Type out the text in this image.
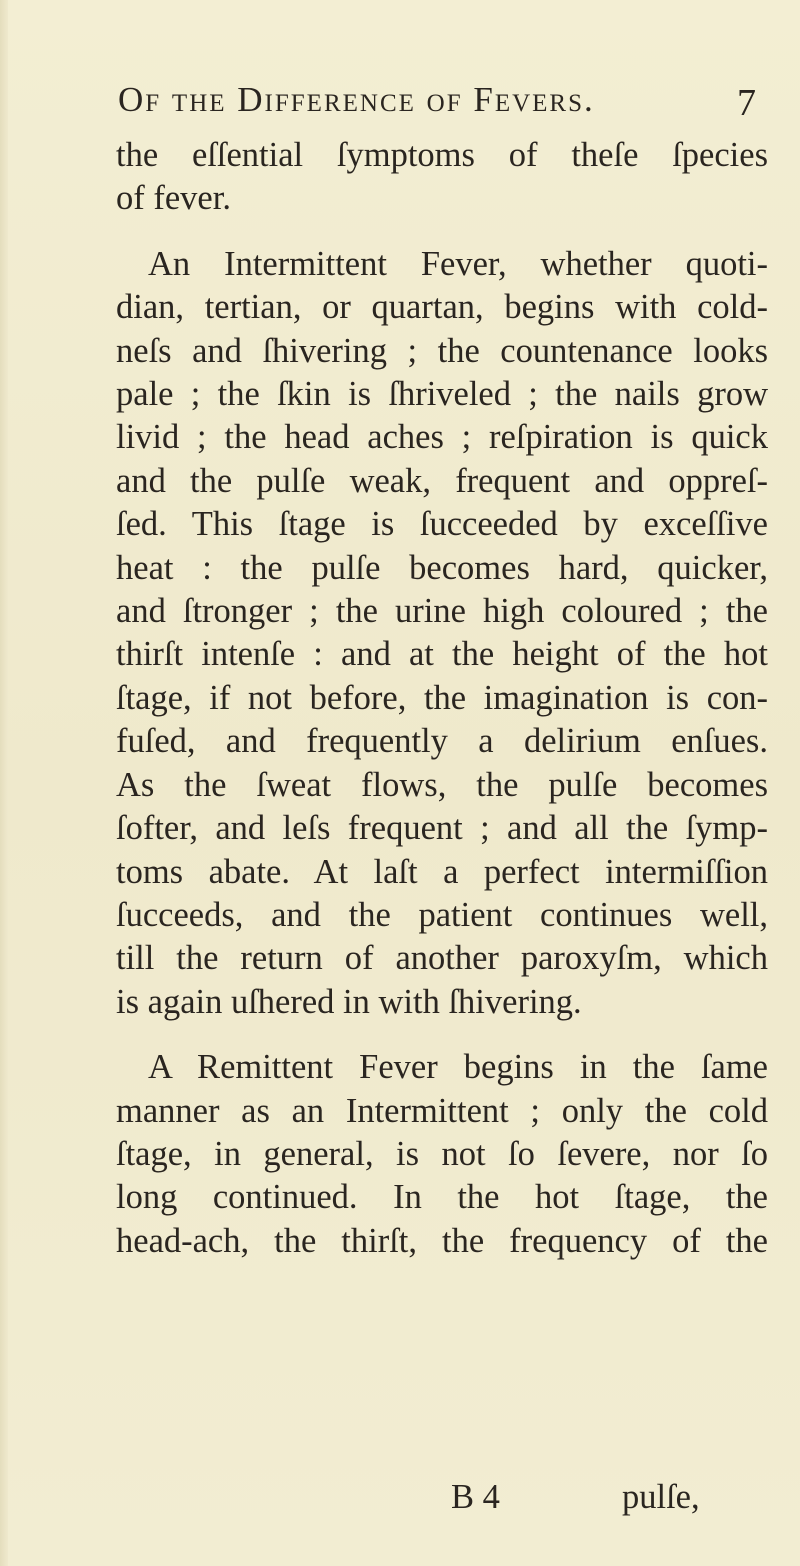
Of the Difference of Fevers.	7
the eſſential ſymptoms of theſe ſpecies
of fever.
An Intermittent Fever, whether quoti-
dian, tertian, or quartan, begins with cold-
neſs and ſhivering ; the countenance looks
pale ; the ſkin is ſhriveled ; the nails grow
livid ; the head aches ; reſpiration is quick
and the pulſe weak, frequent and oppreſ-
ſed. This ſtage is ſucceeded by exceſſive
heat : the pulſe becomes hard, quicker,
and ſtronger ; the urine high coloured ; the
thirſt intenſe : and at the height of the hot
ſtage, if not before, the imagination is con-
fuſed, and frequently a delirium enſues.
As the ſweat flows, the pulſe becomes
ſofter, and leſs frequent ; and all the ſymp-
toms abate. At laſt a perfect intermiſſion
ſucceeds, and the patient continues well,
till the return of another paroxyſm, which
is again uſhered in with ſhivering.
A Remittent Fever begins in the ſame
manner as an Intermittent ; only the cold
ſtage, in general, is not ſo ſevere, nor ſo
long continued. In the hot ſtage, the
head-ach, the thirſt, the frequency of the
B 4	pulſe,
